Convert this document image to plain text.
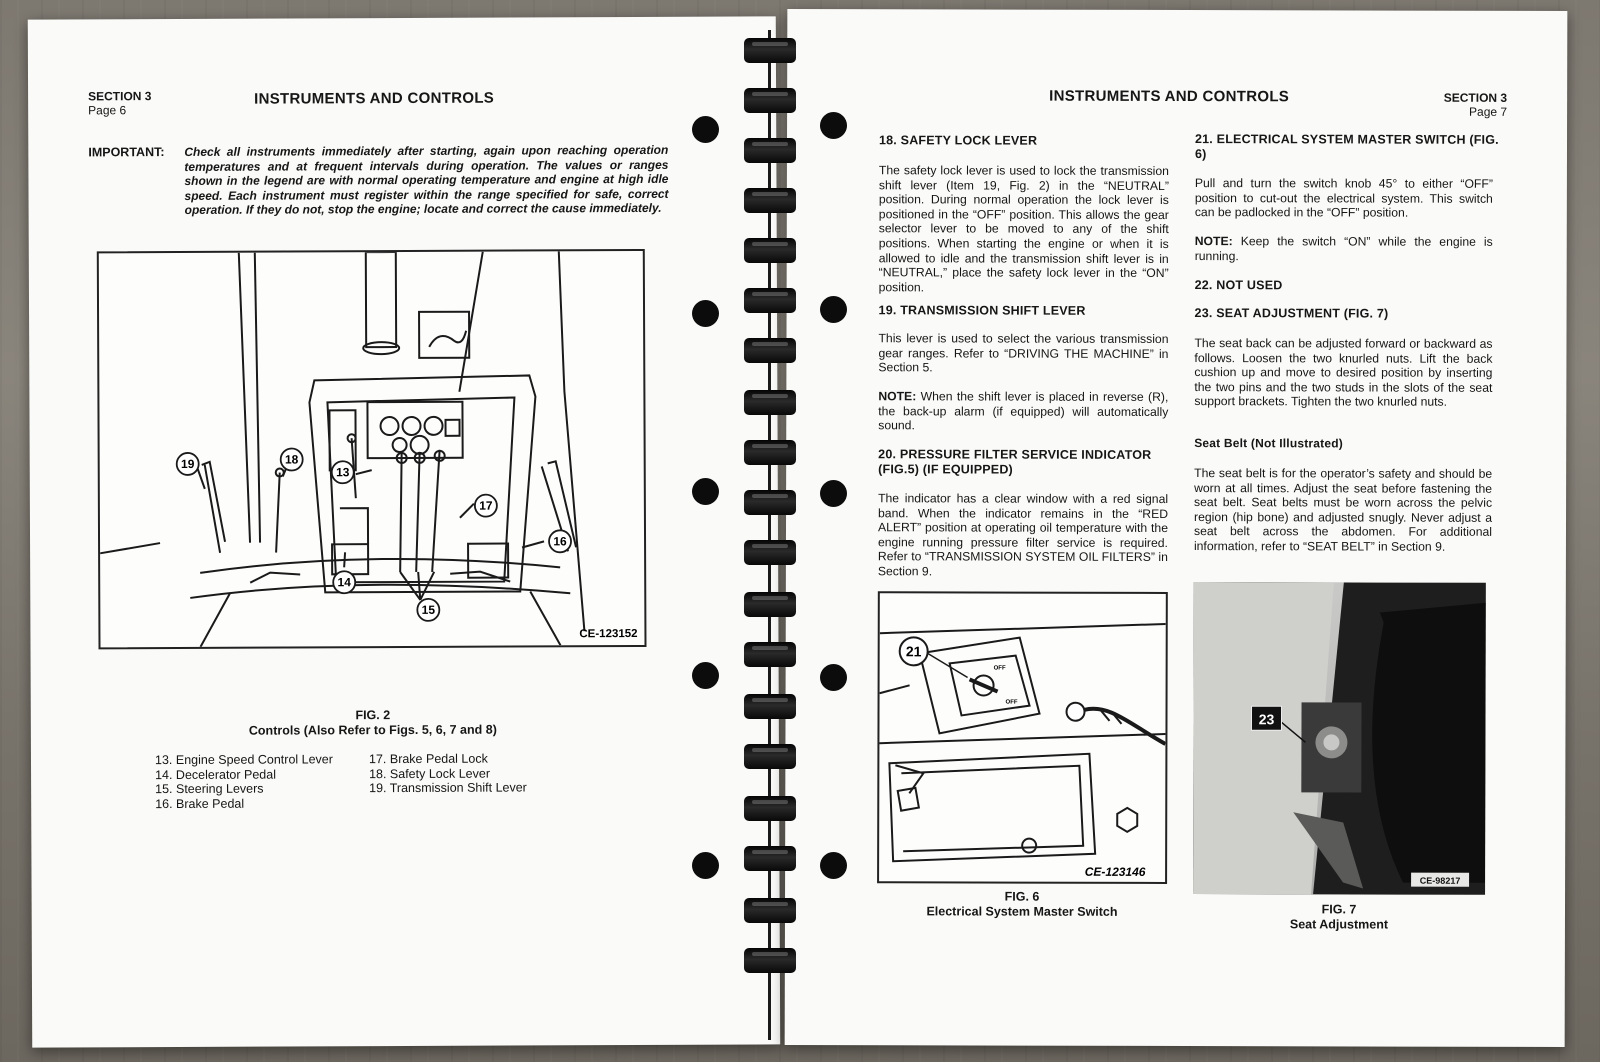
SECTION 3
Page 6
INSTRUMENTS AND CONTROLS
IMPORTANT: Check all instruments immediately after starting, again upon reaching operation temperatures and at frequent intervals during operation. The values or ranges shown in the legend are with normal operating temperature and engine at high idle speed. Each instrument must register within the range specified for safe, correct operation. If they do not, stop the engine; locate and correct the cause immediately.
19	18
13
17
16
14
15
CE-123152
FIG. 2
Controls (Also Refer to Figs. 5, 6, 7 and 8)
13. Engine Speed Control Lever
14. Decelerator Pedal
15. Steering Levers
16. Brake Pedal
17. Brake Pedal Lock
18. Safety Lock Lever
19. Transmission Shift Lever
INSTRUMENTS AND CONTROLS	SECTION 3
Page 7
18. SAFETY LOCK LEVER
The safety lock lever is used to lock the transmission shift lever (Item 19, Fig. 2) in the “NEUTRAL” position. During normal operation the lock lever is positioned in the “OFF” position. This allows the gear selector lever to be moved to any of the shift positions. When starting the engine or when it is allowed to idle and the transmission shift lever is in “NEUTRAL,” place the safety lock lever in the “ON” position.
19. TRANSMISSION SHIFT LEVER
This lever is used to select the various transmission gear ranges. Refer to “DRIVING THE MACHINE” in Section 5.
NOTE: When the shift lever is placed in reverse (R), the back-up alarm (if equipped) will automatically sound.
20. PRESSURE FILTER SERVICE INDICATOR (FIG.5) (IF EQUIPPED)
The indicator has a clear window with a red signal band. When the indicator remains in the “RED ALERT” position at operating oil temperature with the engine running pressure filter service is required. Refer to “TRANSMISSION SYSTEM OIL FILTERS” in Section 9.
21
OFF
OFF
CE-123146
FIG. 6
Electrical System Master Switch
21. ELECTRICAL SYSTEM MASTER SWITCH (FIG. 6)
Pull and turn the switch knob 45° to either “OFF” position to cut-out the electrical system. This switch can be padlocked in the “OFF” position.
NOTE: Keep the switch “ON” while the engine is running.
22. NOT USED
23. SEAT ADJUSTMENT (FIG. 7)
The seat back can be adjusted forward or backward as follows. Loosen the two knurled nuts. Lift the back cushion up and move to desired position by inserting the two pins and the two studs in the slots of the seat support brackets. Tighten the two knurled nuts.
Seat Belt (Not Illustrated)
The seat belt is for the operator’s safety and should be worn at all times. Adjust the seat before fastening the seat belt. Seat belts must be worn across the pelvic region (hip bone) and adjusted snugly. Never adjust a seat belt across the abdomen. For additional information, refer to “SEAT BELT” in Section 9.
23
CE-98217
FIG. 7
Seat Adjustment
